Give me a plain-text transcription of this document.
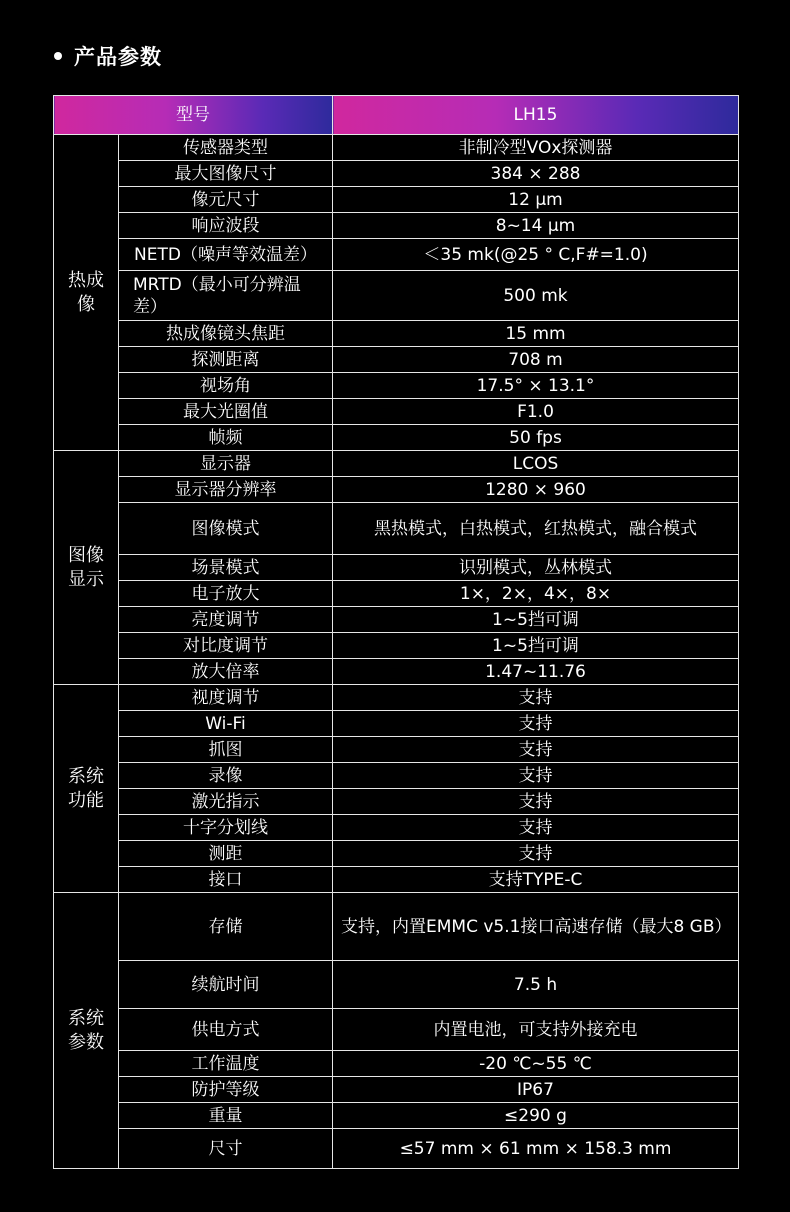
产品参数
型号		LH15
热成像	传感器类型	非制冷型VOx探测器
	最大图像尺寸	384 × 288
	像元尺寸	12 μm
	响应波段	8~14 μm
	NETD（噪声等效温差）	＜35 mk(@25 ° C,F#=1.0)
	MRTD（最小可分辨温差）	500 mk
	热成像镜头焦距	15 mm
	探测距离	708 m
	视场角	17.5° × 13.1°
	最大光圈值	F1.0
	帧频	50 fps
图像显示	显示器	LCOS
	显示器分辨率	1280 × 960
	图像模式	黑热模式，白热模式，红热模式，融合模式
	场景模式	识别模式，丛林模式
	电子放大	1×，2×，4×，8×
	亮度调节	1~5挡可调
	对比度调节	1~5挡可调
	放大倍率	1.47~11.76
系统功能	视度调节	支持
	Wi-Fi	支持
	抓图	支持
	录像	支持
	激光指示	支持
	十字分划线	支持
	测距	支持
	接口	支持TYPE-C
系统参数	存储	支持，内置EMMC v5.1接口高速存储（最大8 GB）
	续航时间	7.5 h
	供电方式	内置电池，可支持外接充电
	工作温度	-20 ℃~55 ℃
	防护等级	IP67
	重量	≤290 g
	尺寸	≤57 mm × 61 mm × 158.3 mm
